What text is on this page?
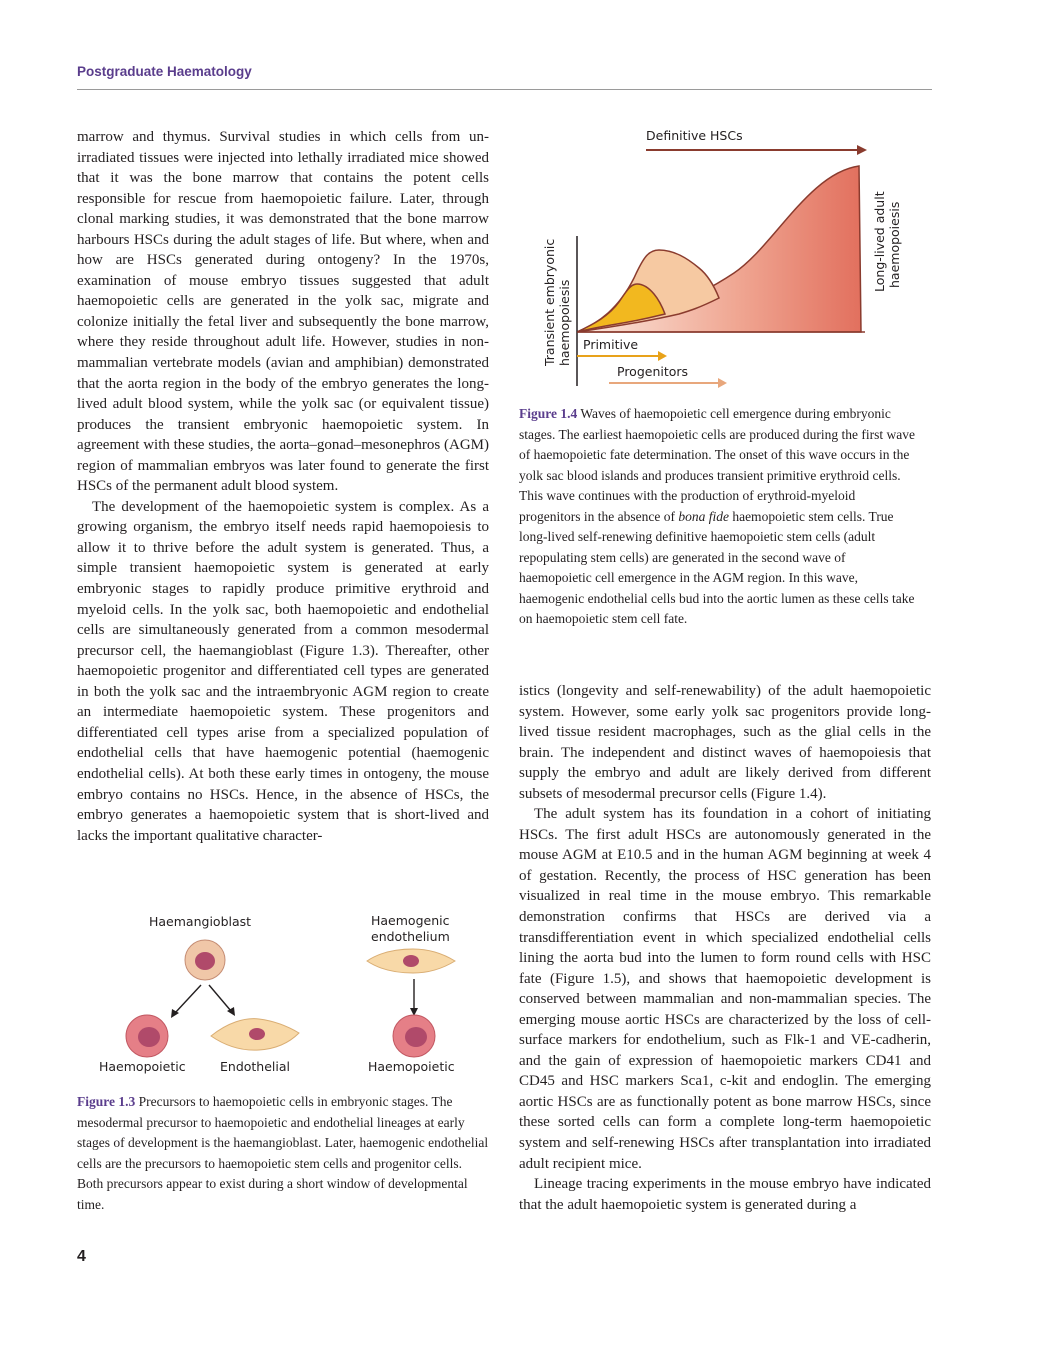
Postgraduate Haematology

marrow and thymus. Survival studies in which cells from un-irradiated tissues were injected into lethally irradiated mice showed that it was the bone marrow that contains the potent cells responsible for rescue from haemopoietic failure. Later, through clonal marking studies, it was demonstrated that the bone marrow harbours HSCs during the adult stages of life. But where, when and how are HSCs generated during ontogeny? In the 1970s, examination of mouse embryo tissues suggested that adult haemopoietic cells are generated in the yolk sac, migrate and colonize initially the fetal liver and subsequently the bone marrow, where they reside throughout adult life. However, studies in non-mammalian vertebrate models (avian and amphibian) demonstrated that the aorta region in the body of the embryo generates the long-lived adult blood system, while the yolk sac (or equivalent tissue) produces the transient embryonic haemopoietic system. In agreement with these studies, the aorta–gonad–mesonephros (AGM) region of mammalian embryos was later found to generate the first HSCs of the permanent adult blood system.

The development of the haemopoietic system is complex. As a growing organism, the embryo itself needs rapid haemopoiesis to allow it to thrive before the adult system is generated. Thus, a simple transient haemopoietic system is generated at early embryonic stages to rapidly produce primitive erythroid and myeloid cells. In the yolk sac, both haemopoietic and endothelial cells are simultaneously generated from a common mesodermal precursor cell, the haemangioblast (Figure 1.3). Thereafter, other haemopoietic progenitor and differentiated cell types are generated in both the yolk sac and the intraembryonic AGM region to create an intermediate haemopoietic system. These progenitors and differentiated cell types arise from a specialized population of endothelial cells that have haemogenic potential (haemogenic endothelial cells). At both these early times in ontogeny, the mouse embryo contains no HSCs. Hence, in the absence of HSCs, the embryo generates a haemopoietic system that is short-lived and lacks the important qualitative character-

Definitive HSCs
Transient embryonic haemopoiesis
Long-lived adult haemopoiesis
Primitive
Progenitors
Figure 1.4 Waves of haemopoietic cell emergence during embryonic stages. The earliest haemopoietic cells are produced during the first wave of haemopoietic fate determination. The onset of this wave occurs in the yolk sac blood islands and produces transient primitive erythroid cells. This wave continues with the production of erythroid-myeloid progenitors in the absence of bona fide haemopoietic stem cells. True long-lived self-renewing definitive haemopoietic stem cells (adult repopulating stem cells) are generated in the second wave of haemopoietic cell emergence in the AGM region. In this wave, haemogenic endothelial cells bud into the aortic lumen as these cells take on haemopoietic stem cell fate.

istics (longevity and self-renewability) of the adult haemopoietic system. However, some early yolk sac progenitors provide long-lived tissue resident macrophages, such as the glial cells in the brain. The independent and distinct waves of haemopoiesis that supply the embryo and adult are likely derived from different subsets of mesodermal precursor cells (Figure 1.4).

The adult system has its foundation in a cohort of initiating HSCs. The first adult HSCs are autonomously generated in the mouse AGM at E10.5 and in the human AGM beginning at week 4 of gestation. Recently, the process of HSC generation has been visualized in real time in the mouse embryo. This remarkable demonstration confirms that HSCs are derived via a transdifferentiation event in which specialized endothelial cells lining the aorta bud into the lumen to form round cells with HSC fate (Figure 1.5), and shows that haemopoietic development is conserved between mammalian and non-mammalian species. The emerging mouse aortic HSCs are characterized by the loss of cell-surface markers for endothelium, such as Flk-1 and VE-cadherin, and the gain of expression of haemopoietic markers CD41 and CD45 and HSC markers Sca1, c-kit and endoglin. The emerging aortic HSCs are as functionally potent as bone marrow HSCs, since these sorted cells can form a complete long-term haemopoietic system and self-renewing HSCs after transplantation into irradiated adult recipient mice.

Lineage tracing experiments in the mouse embryo have indicated that the adult haemopoietic system is generated during a

Haemangioblast	Haemogenic
endothelium
Haemopoietic	Endothelial	Haemopoietic
Figure 1.3 Precursors to haemopoietic cells in embryonic stages. The mesodermal precursor to haemopoietic and endothelial lineages at early stages of development is the haemangioblast. Later, haemogenic endothelial cells are the precursors to haemopoietic stem cells and progenitor cells. Both precursors appear to exist during a short window of developmental time.
4
